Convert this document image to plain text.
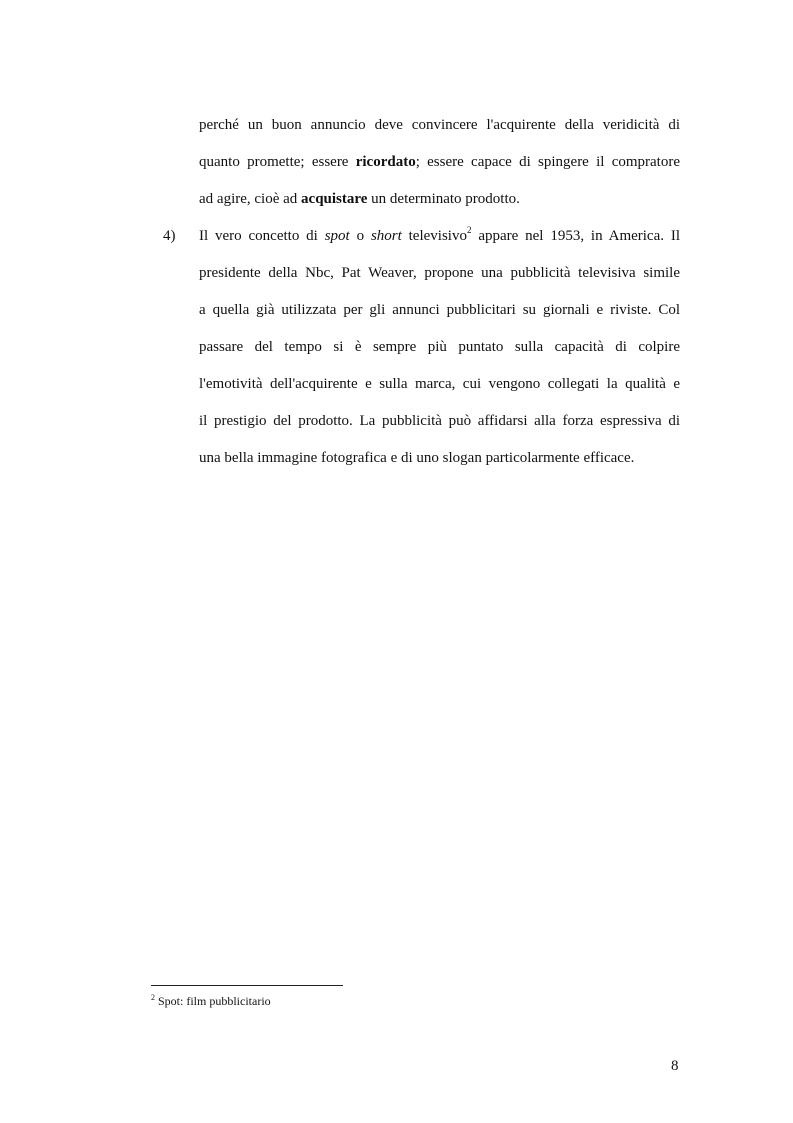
perché un buon annuncio deve convincere l'acquirente della veridicità di
quanto promette; essere ricordato; essere capace di spingere il compratore
ad agire, cioè ad acquistare un determinato prodotto.
4) Il vero concetto di spot o short televisivo$^2$ appare nel 1953, in America. Il
presidente della Nbc, Pat Weaver, propone una pubblicità televisiva simile
a quella già utilizzata per gli annunci pubblicitari su giornali e riviste. Col
passare del tempo si è sempre più puntato sulla capacità di colpire
l'emotività dell'acquirente e sulla marca, cui vengono collegati la qualità e
il prestigio del prodotto. La pubblicità può affidarsi alla forza espressiva di
una bella immagine fotografica e di uno slogan particolarmente efficace.
$^2$ Spot: film pubblicitario
8
